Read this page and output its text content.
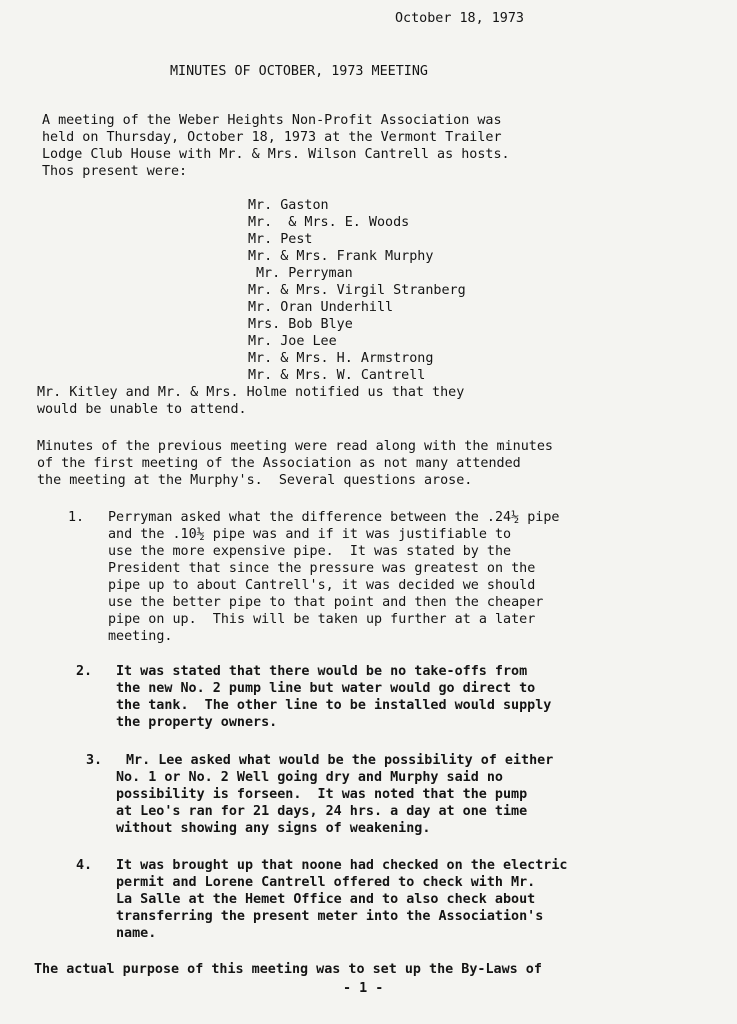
October 18, 1973
MINUTES OF OCTOBER, 1973 MEETING
A meeting of the Weber Heights Non-Profit Association was
held on Thursday, October 18, 1973 at the Vermont Trailer
Lodge Club House with Mr. & Mrs. Wilson Cantrell as hosts.
Thos present were:
Mr. Gaston
Mr.  & Mrs. E. Woods
Mr. Pest
Mr. & Mrs. Frank Murphy
Mr. Perryman
Mr. & Mrs. Virgil Stranberg
Mr. Oran Underhill
Mrs. Bob Blye
Mr. Joe Lee
Mr. & Mrs. H. Armstrong
Mr. & Mrs. W. Cantrell
Mr. Kitley and Mr. & Mrs. Holme notified us that they
would be unable to attend.
Minutes of the previous meeting were read along with the minutes
of the first meeting of the Association as not many attended
the meeting at the Murphy's.  Several questions arose.
1. Perryman asked what the difference between the .24½ pipe
and the .10½ pipe was and if it was justifiable to
use the more expensive pipe.  It was stated by the
President that since the pressure was greatest on the
pipe up to about Cantrell's, it was decided we should
use the better pipe to that point and then the cheaper
pipe on up.  This will be taken up further at a later
meeting.
2. It was stated that there would be no take-offs from
the new No. 2 pump line but water would go direct to
the tank.  The other line to be installed would supply
the property owners.
3. Mr. Lee asked what would be the possibility of either
No. 1 or No. 2 Well going dry and Murphy said no
possibility is forseen.  It was noted that the pump
at Leo's ran for 21 days, 24 hrs. a day at one time
without showing any signs of weakening.
4. It was brought up that noone had checked on the electric
permit and Lorene Cantrell offered to check with Mr.
La Salle at the Hemet Office and to also check about
transferring the present meter into the Association's
name.
The actual purpose of this meeting was to set up the By-Laws of
- 1 -
